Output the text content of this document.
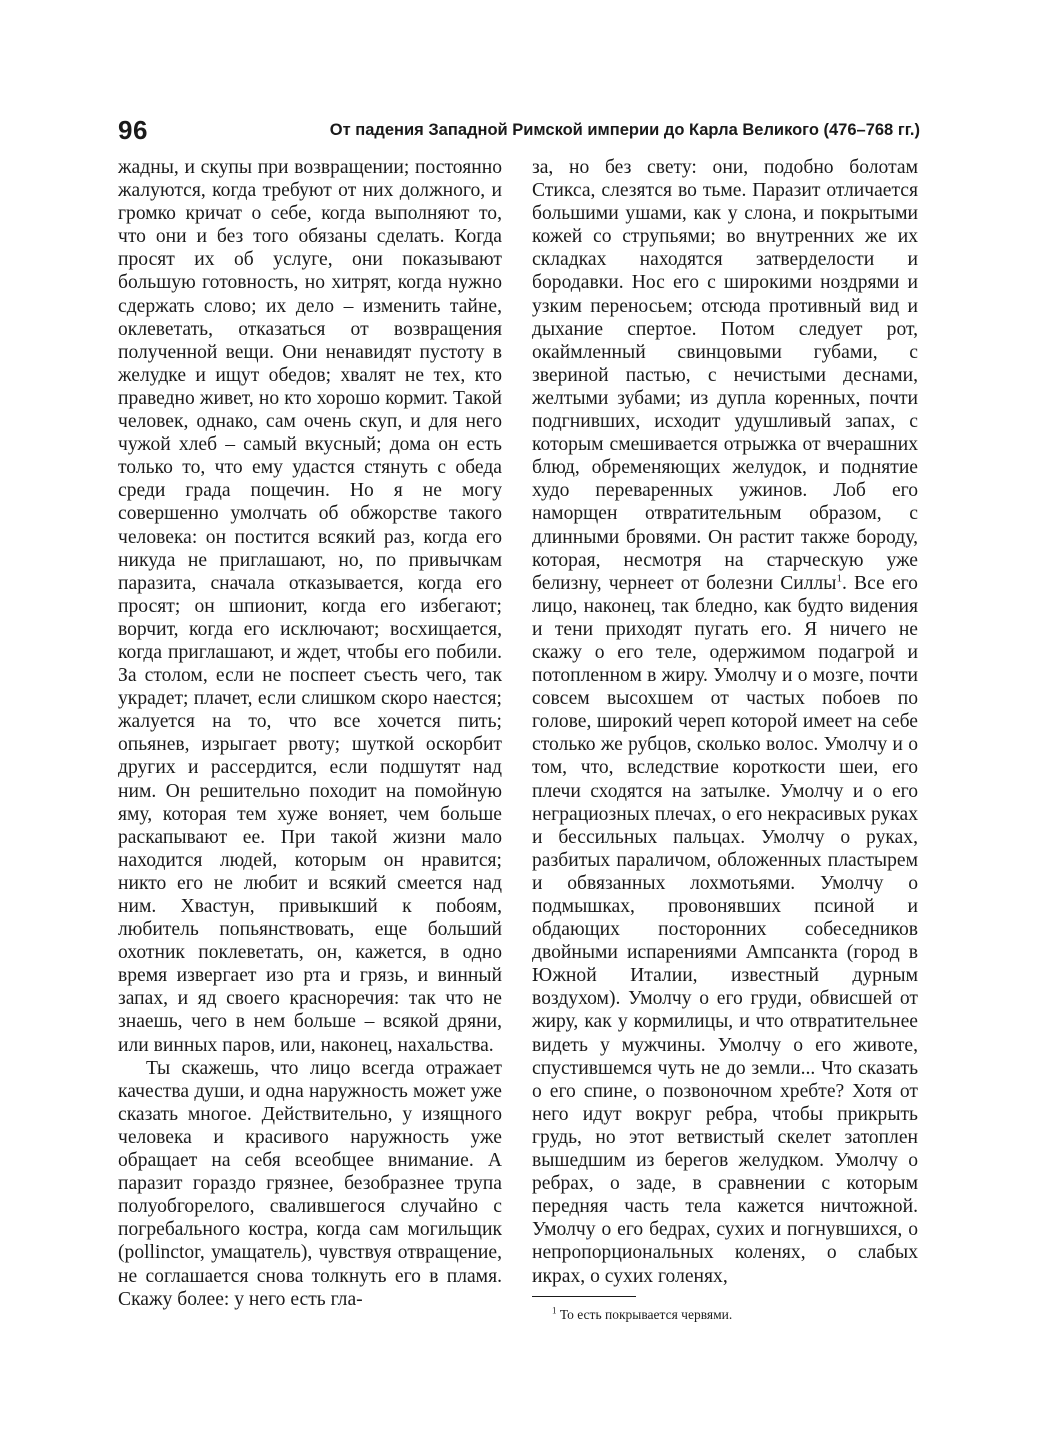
96	От падения Западной Римской империи до Карла Великого (476–768 гг.)

жадны, и скупы при возвращении; постоянно жалуются, когда требуют от них должного, и громко кричат о себе, когда выполняют то, что они и без того обязаны сделать. Когда просят их об услуге, они показывают большую готовность, но хитрят, когда нужно сдержать слово; их дело – изменить тайне, оклеветать, отказаться от возвращения полученной вещи. Они ненавидят пустоту в желудке и ищут обедов; хвалят не тех, кто праведно живет, но кто хорошо кормит. Такой человек, однако, сам очень скуп, и для него чужой хлеб – самый вкусный; дома он есть только то, что ему удастся стянуть с обеда среди града пощечин. Но я не могу совершенно умолчать об обжорстве такого человека: он постится всякий раз, когда его никуда не приглашают, но, по привычкам паразита, сначала отказывается, когда его просят; он шпионит, когда его избегают; ворчит, когда его исключают; восхищается, когда приглашают, и ждет, чтобы его побили. За столом, если не поспеет съесть чего, так украдет; плачет, если слишком скоро наестся; жалуется на то, что все хочется пить; опьянев, изрыгает рвоту; шуткой оскорбит других и рассердится, если подшутят над ним. Он решительно походит на помойную яму, которая тем хуже воняет, чем больше раскапывают ее. При такой жизни мало находится людей, которым он нравится; никто его не любит и всякий смеется над ним. Хвастун, привыкший к побоям, любитель попьянствовать, еще больший охотник поклеветать, он, кажется, в одно время извергает изо рта и грязь, и винный запах, и яд своего красноречия: так что не знаешь, чего в нем больше – всякой дряни, или винных паров, или, наконец, нахальства.

Ты скажешь, что лицо всегда отражает качества души, и одна наружность может уже сказать многое. Действительно, у изящного человека и красивого наружность уже обращает на себя всеобщее внимание. А паразит гораздо грязнее, безобразнее трупа полуобгорелого, свалившегося случайно с погребального костра, когда сам могильщик (pollinctor, умащатель), чувствуя отвращение, не соглашается снова толкнуть его в пламя. Скажу более: у него есть гла-

за, но без свету: они, подобно болотам Стикса, слезятся во тьме. Паразит отличается большими ушами, как у слона, и покрытыми кожей со струпьями; во внутренних же их складках находятся затверделости и бородавки. Нос его с широкими ноздрями и узким переносьем; отсюда противный вид и дыхание спертое. Потом следует рот, окаймленный свинцовыми губами, с звериной пастью, с нечистыми деснами, желтыми зубами; из дупла коренных, почти подгнивших, исходит удушливый запах, с которым смешивается отрыжка от вчерашних блюд, обременяющих желудок, и поднятие худо переваренных ужинов. Лоб его наморщен отвратительным образом, с длинными бровями. Он растит также бороду, которая, несмотря на старческую уже белизну, чернеет от болезни Силлы$^1$. Все его лицо, наконец, так бледно, как будто видения и тени приходят пугать его. Я ничего не скажу о его теле, одержимом подагрой и потопленном в жиру. Умолчу и о мозге, почти совсем высохшем от частых побоев по голове, широкий череп которой имеет на себе столько же рубцов, сколько волос. Умолчу и о том, что, вследствие короткости шеи, его плечи сходятся на затылке. Умолчу и о его неграциозных плечах, о его некрасивых руках и бессильных пальцах. Умолчу о руках, разбитых параличом, обложенных пластырем и обвязанных лохмотьями. Умолчу о подмышках, провонявших псиной и обдающих посторонних собеседников двойными испарениями Ампсанкта (город в Южной Италии, известный дурным воздухом). Умолчу о его груди, обвисшей от жиру, как у кормилицы, и что отвратительнее видеть у мужчины. Умолчу о его животе, спустившемся чуть не до земли... Что сказать о его спине, о позвоночном хребте? Хотя от него идут вокруг ребра, чтобы прикрыть грудь, но этот ветвистый скелет затоплен вышедшим из берегов желудком. Умолчу о ребрах, о заде, в сравнении с которым передняя часть тела кажется ничтожной. Умолчу о его бедрах, сухих и погнувшихся, о непропорциональных коленях, о слабых икрах, о сухих голенях,

$^1$ То есть покрывается червями.
